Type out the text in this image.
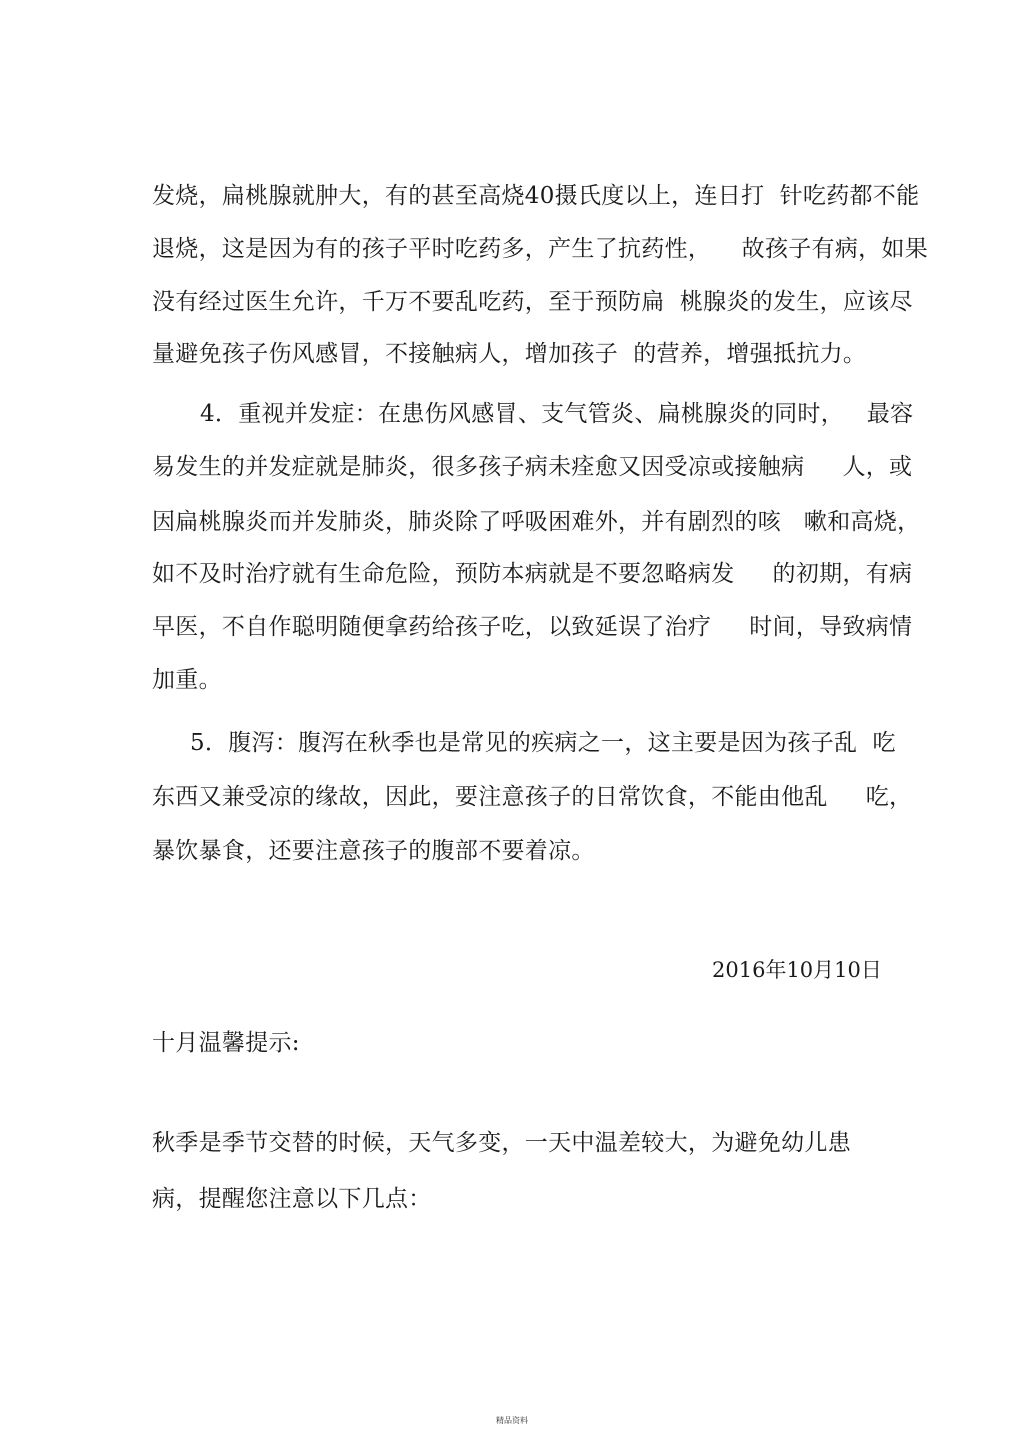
发烧，扁桃腺就肿大，有的甚至高烧40摄氏度以上，连日打  针吃药都不能
退烧，这是因为有的孩子平时吃药多，产生了抗药性，    故孩子有病，如果
没有经过医生允许，千万不要乱吃药，至于预防扁  桃腺炎的发生，应该尽
量避免孩子伤风感冒，不接触病人，增加孩子  的营养，增强抵抗力。
4．重视并发症：在患伤风感冒、支气管炎、扁桃腺炎的同时，   最容
易发生的并发症就是肺炎，很多孩子病未痊愈又因受凉或接触病     人，或
因扁桃腺炎而并发肺炎，肺炎除了呼吸困难外，并有剧烈的咳   嗽和高烧，
如不及时治疗就有生命危险，预防本病就是不要忽略病发     的初期，有病
早医，不自作聪明随便拿药给孩子吃，以致延误了治疗     时间，导致病情
加重。
5．腹泻：腹泻在秋季也是常见的疾病之一，这主要是因为孩子乱  吃
东西又兼受凉的缘故，因此，要注意孩子的日常饮食，不能由他乱     吃，
暴饮暴食，还要注意孩子的腹部不要着凉。
2016年10月10日
十月温馨提示:
秋季是季节交替的时候，天气多变，一天中温差较大，为避免幼儿患
病，提醒您注意以下几点：
精品资料
